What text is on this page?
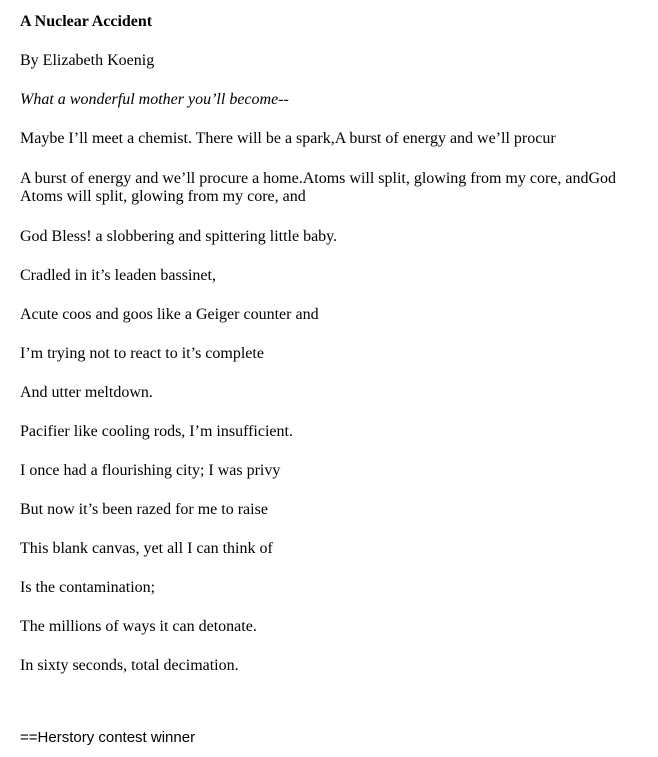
A Nuclear Accident
By Elizabeth Koenig
What a wonderful mother you’ll become--
Maybe I’ll meet a chemist. There will be a spark,A burst of energy and we’ll procur
A burst of energy and we’ll procure a home.Atoms will split, glowing from my core, andGod
Atoms will split, glowing from my core, and
God Bless! a slobbering and spittering little baby.
Cradled in it’s leaden bassinet,
Acute coos and goos like a Geiger counter and
I’m trying not to react to it’s complete
And utter meltdown.
Pacifier like cooling rods, I’m insufficient.
I once had a flourishing city; I was privy
But now it’s been razed for me to raise
This blank canvas, yet all I can think of
Is the contamination;
The millions of ways it can detonate.
In sixty seconds, total decimation.
==Herstory contest winner
